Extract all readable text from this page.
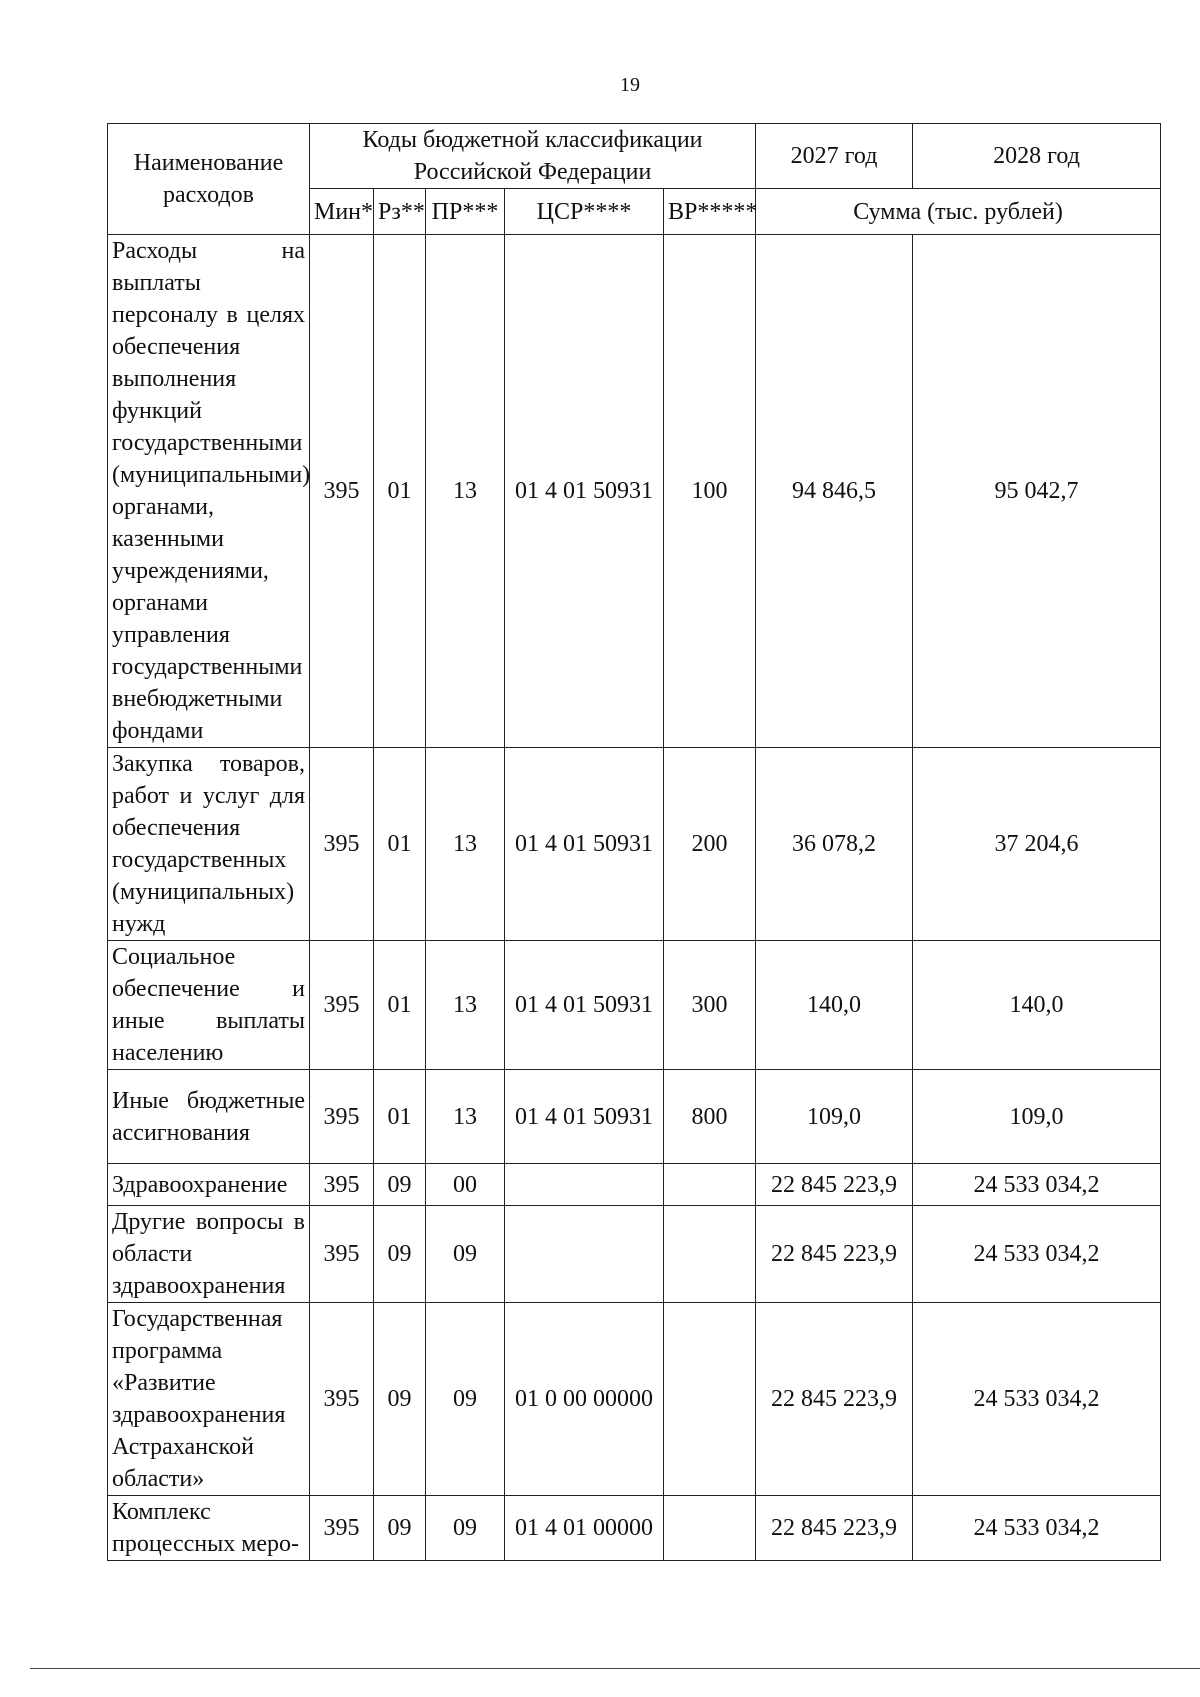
19
Наименование расходов	Коды бюджетной классификации Российской Федерации					2027 год	2028 год
	Мин*	Рз**	ПР***	ЦСР****	ВР*****	Сумма (тыс. рублей)	
Расходы на выплаты персоналу в целях обеспечения выполнения функций государственными (муниципальными) органами, казенными учреждениями, органами управления государственными внебюджетными фондами	395	01	13	01 4 01 50931	100	94 846,5	95 042,7
Закупка товаров, работ и услуг для обеспечения государственных (муниципальных) нужд	395	01	13	01 4 01 50931	200	36 078,2	37 204,6
Социальное обеспечение и иные выплаты населению	395	01	13	01 4 01 50931	300	140,0	140,0
Иные бюджетные ассигнования	395	01	13	01 4 01 50931	800	109,0	109,0
Здравоохранение	395	09	00			22 845 223,9	24 533 034,2
Другие вопросы в области здравоохранения	395	09	09			22 845 223,9	24 533 034,2
Государственная программа «Развитие здравоохранения Астраханской области»	395	09	09	01 0 00 00000		22 845 223,9	24 533 034,2
Комплекс процессных меро-	395	09	09	01 4 01 00000		22 845 223,9	24 533 034,2
